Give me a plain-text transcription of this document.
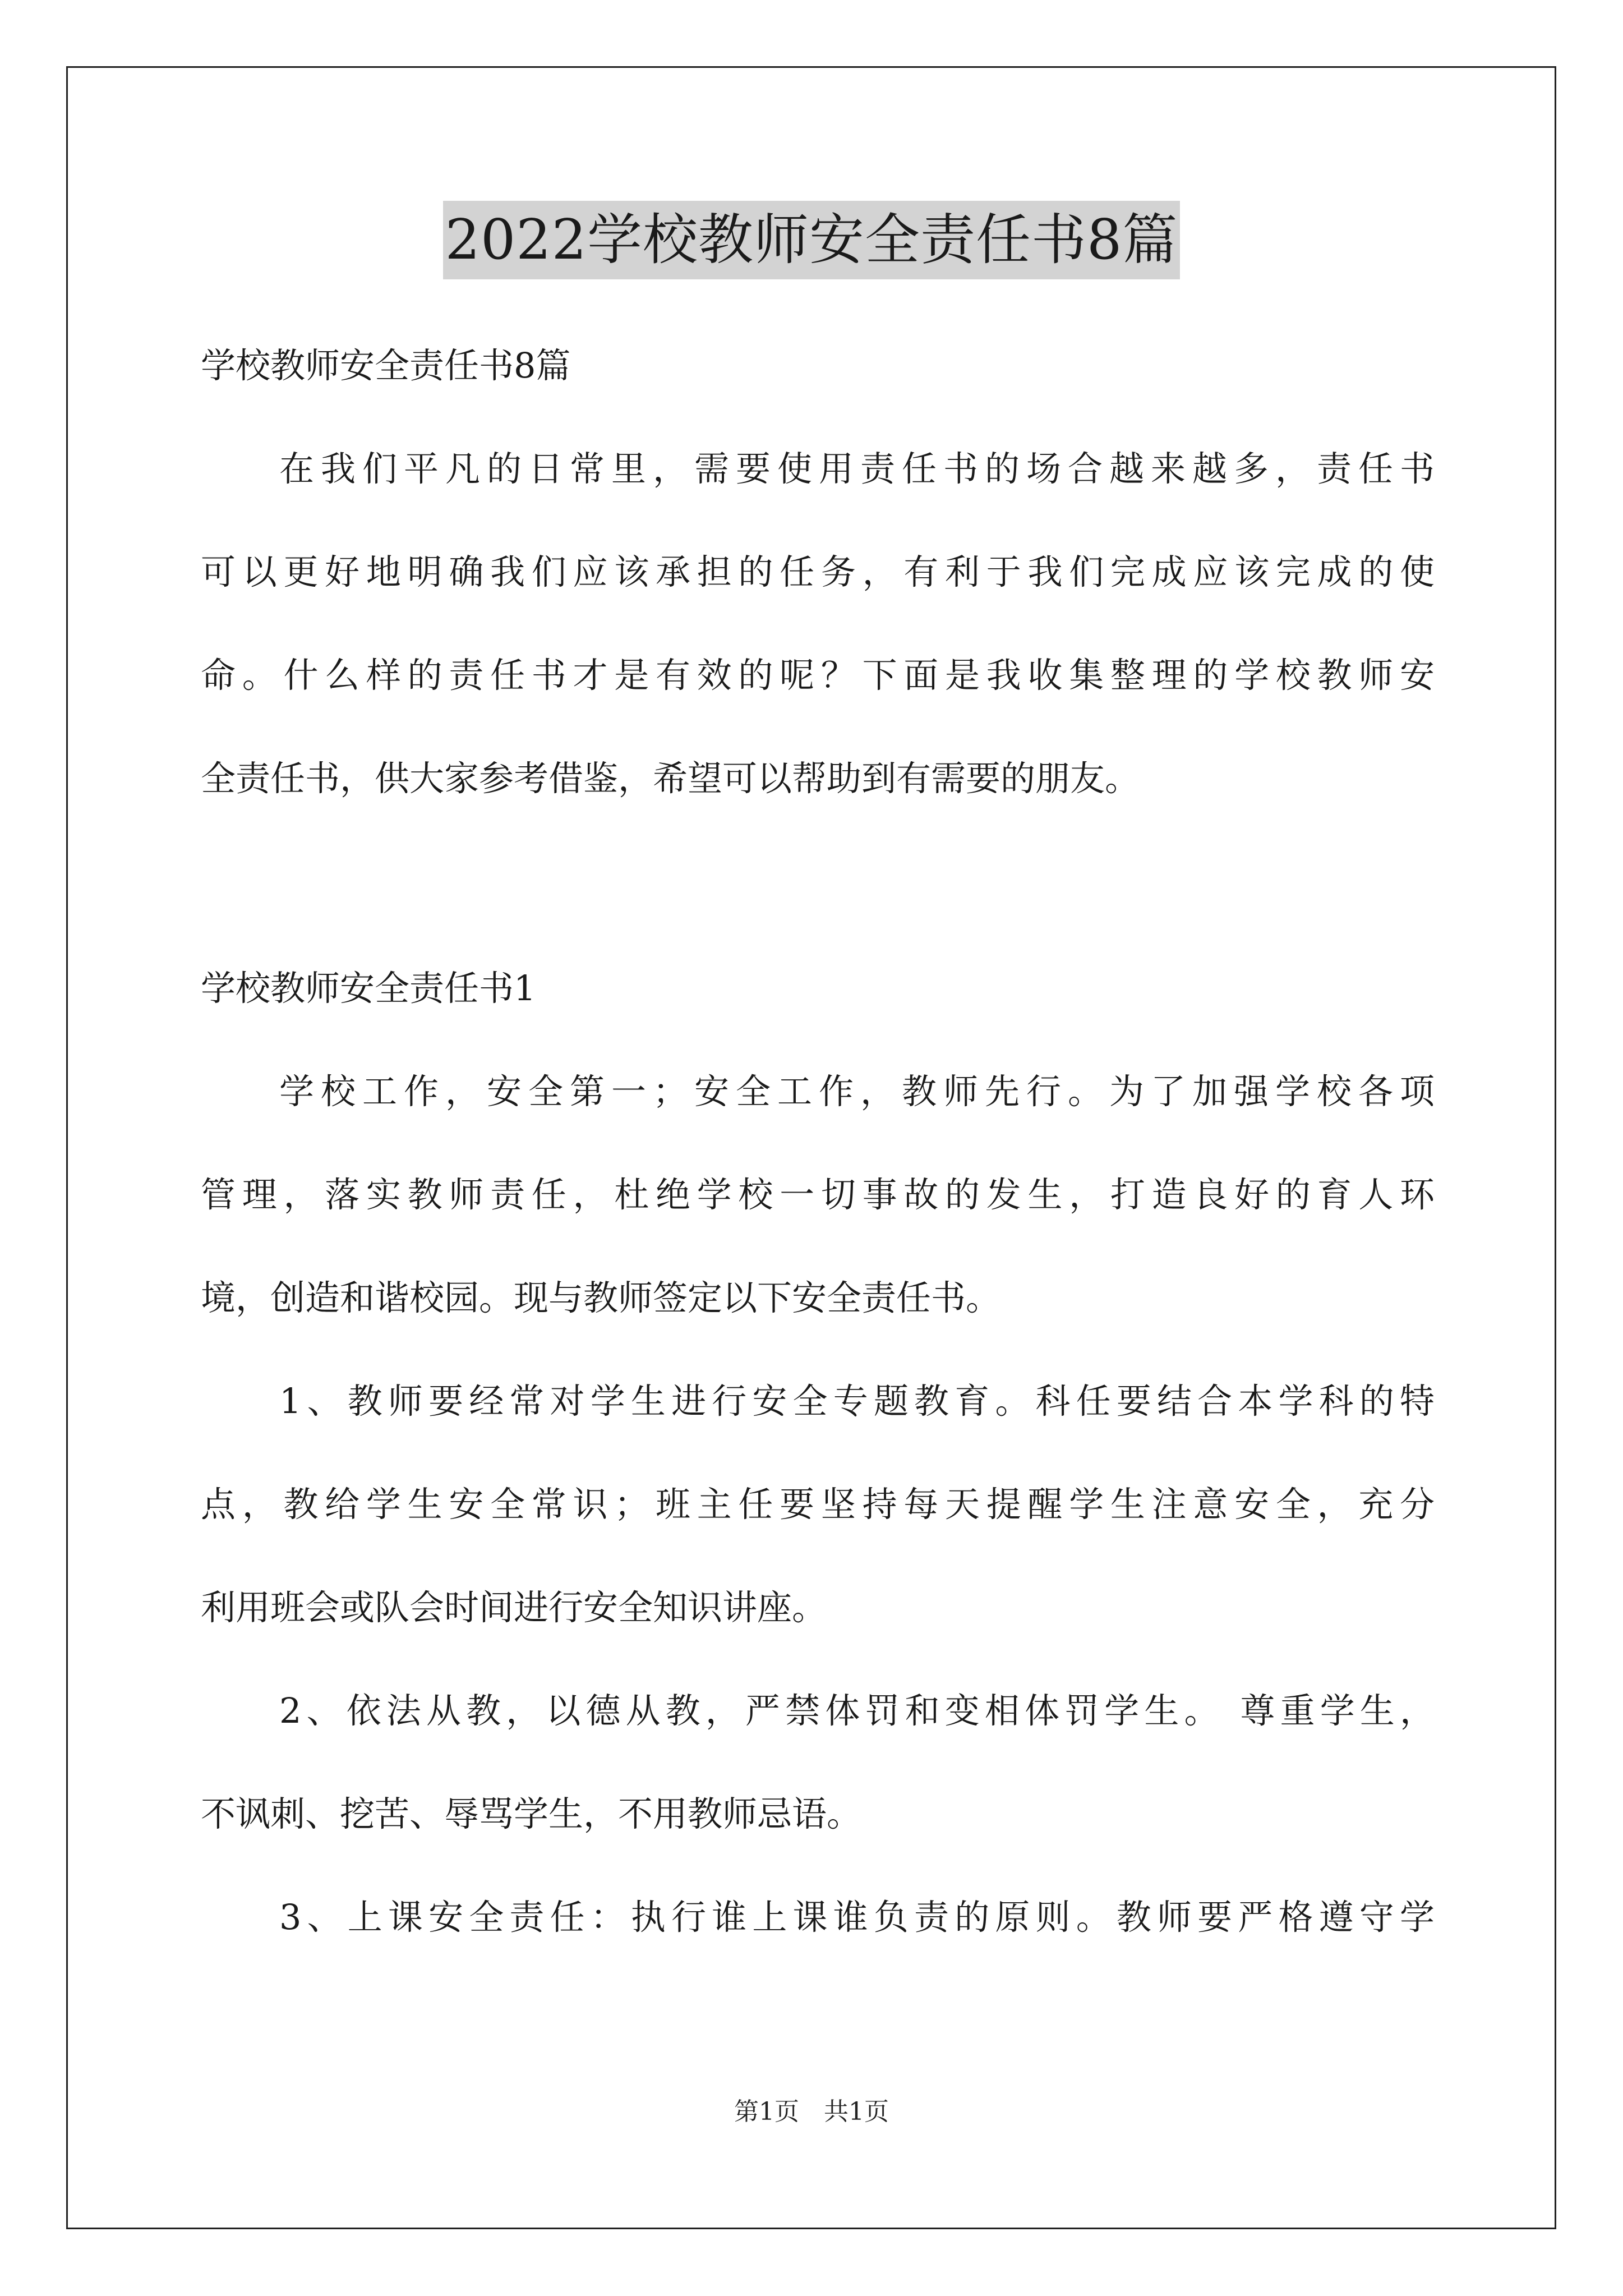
2022学校教师安全责任书8篇
学校教师安全责任书8篇
在我们平凡的日常里，需要使用责任书的场合越来越多，责任书
可以更好地明确我们应该承担的任务，有利于我们完成应该完成的使
命。什么样的责任书才是有效的呢？下面是我收集整理的学校教师安
全责任书，供大家参考借鉴，希望可以帮助到有需要的朋友。
学校教师安全责任书1
学校工作，安全第一；安全工作，教师先行。为了加强学校各项
管理，落实教师责任，杜绝学校一切事故的发生，打造良好的育人环
境，创造和谐校园。现与教师签定以下安全责任书。
1、教师要经常对学生进行安全专题教育。科任要结合本学科的特
点，教给学生安全常识；班主任要坚持每天提醒学生注意安全，充分
利用班会或队会时间进行安全知识讲座。
2、依法从教，以德从教，严禁体罚和变相体罚学生。 尊重学生，
不讽刺、挖苦、辱骂学生，不用教师忌语。
3、上课安全责任：执行谁上课谁负责的原则。教师要严格遵守学
第1页　共1页
